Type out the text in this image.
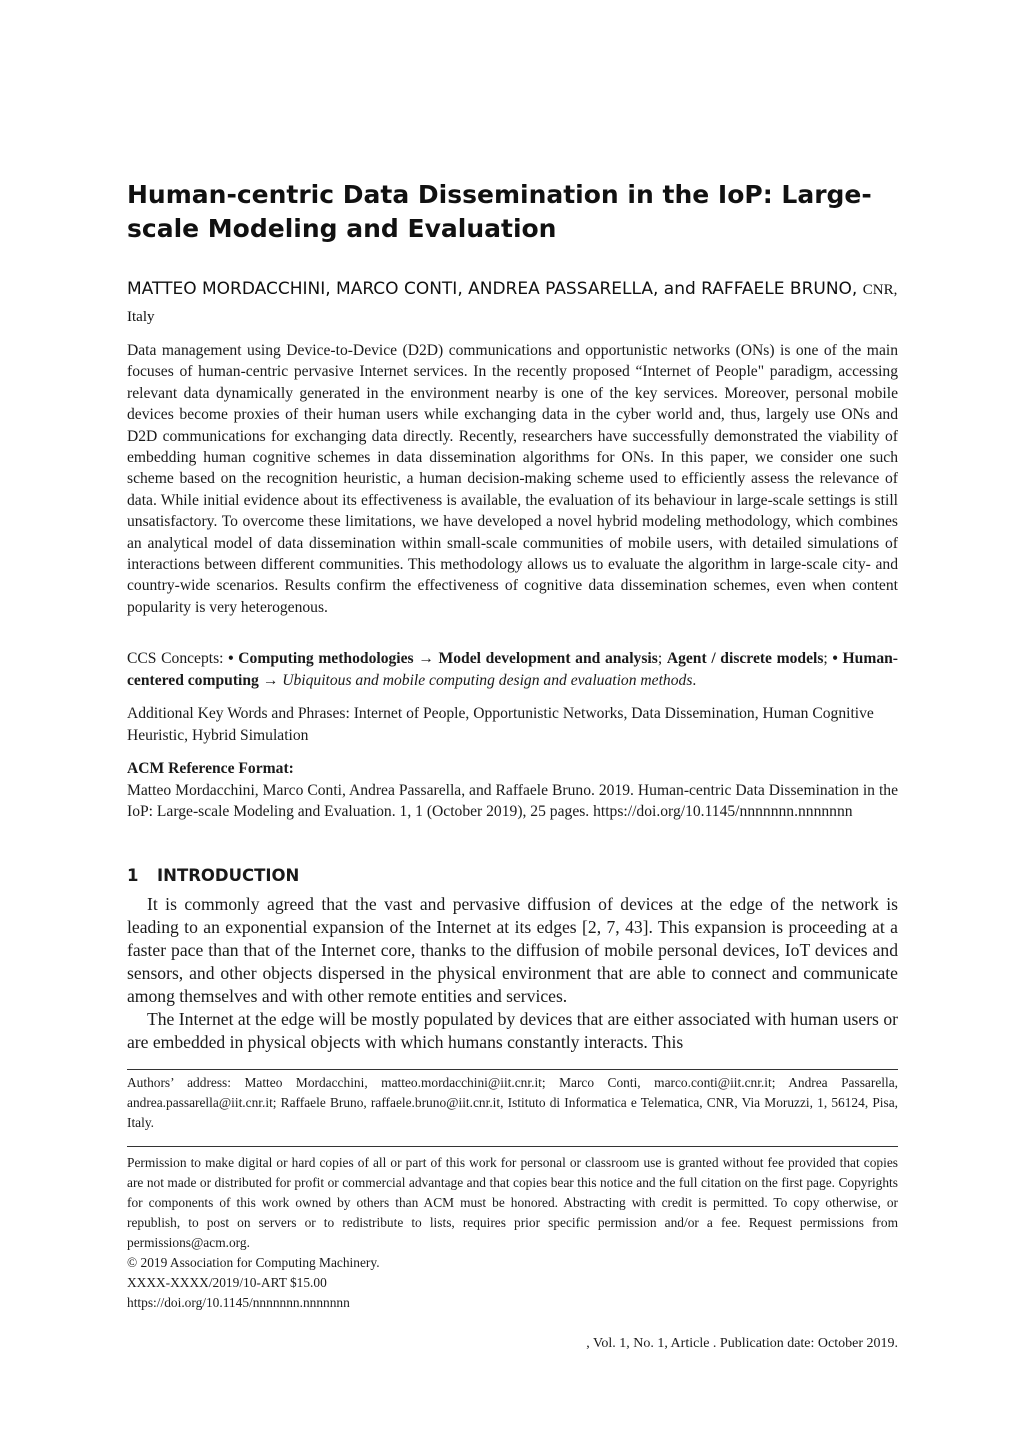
Human-centric Data Dissemination in the IoP: Large-scale Modeling and Evaluation

MATTEO MORDACCHINI, MARCO CONTI, ANDREA PASSARELLA, and RAFFAELE BRUNO, CNR, Italy

Data management using Device-to-Device (D2D) communications and opportunistic networks (ONs) is one of the main focuses of human-centric pervasive Internet services. In the recently proposed “Internet of People" paradigm, accessing relevant data dynamically generated in the environment nearby is one of the key services. Moreover, personal mobile devices become proxies of their human users while exchanging data in the cyber world and, thus, largely use ONs and D2D communications for exchanging data directly. Recently, researchers have successfully demonstrated the viability of embedding human cognitive schemes in data dissemination algorithms for ONs. In this paper, we consider one such scheme based on the recognition heuristic, a human decision-making scheme used to efficiently assess the relevance of data. While initial evidence about its effectiveness is available, the evaluation of its behaviour in large-scale settings is still unsatisfactory. To overcome these limitations, we have developed a novel hybrid modeling methodology, which combines an analytical model of data dissemination within small-scale communities of mobile users, with detailed simulations of interactions between different communities. This methodology allows us to evaluate the algorithm in large-scale city- and country-wide scenarios. Results confirm the effectiveness of cognitive data dissemination schemes, even when content popularity is very heterogenous.

CCS Concepts: • Computing methodologies → Model development and analysis; Agent / discrete models; • Human-centered computing → Ubiquitous and mobile computing design and evaluation methods.

Additional Key Words and Phrases: Internet of People, Opportunistic Networks, Data Dissemination, Human Cognitive Heuristic, Hybrid Simulation

ACM Reference Format:

Matteo Mordacchini, Marco Conti, Andrea Passarella, and Raffaele Bruno. 2019. Human-centric Data Dissemination in the IoP: Large-scale Modeling and Evaluation. 1, 1 (October 2019), 25 pages. https://doi.org/10.1145/nnnnnnn.nnnnnnn

1 INTRODUCTION

It is commonly agreed that the vast and pervasive diffusion of devices at the edge of the network is leading to an exponential expansion of the Internet at its edges [2, 7, 43]. This expansion is proceeding at a faster pace than that of the Internet core, thanks to the diffusion of mobile personal devices, IoT devices and sensors, and other objects dispersed in the physical environment that are able to connect and communicate among themselves and with other remote entities and services.

The Internet at the edge will be mostly populated by devices that are either associated with human users or are embedded in physical objects with which humans constantly interacts. This

Authors’ address: Matteo Mordacchini, matteo.mordacchini@iit.cnr.it; Marco Conti, marco.conti@iit.cnr.it; Andrea Passarella, andrea.passarella@iit.cnr.it; Raffaele Bruno, raffaele.bruno@iit.cnr.it, Istituto di Informatica e Telematica, CNR, Via Moruzzi, 1, 56124, Pisa, Italy.

Permission to make digital or hard copies of all or part of this work for personal or classroom use is granted without fee provided that copies are not made or distributed for profit or commercial advantage and that copies bear this notice and the full citation on the first page. Copyrights for components of this work owned by others than ACM must be honored. Abstracting with credit is permitted. To copy otherwise, or republish, to post on servers or to redistribute to lists, requires prior specific permission and/or a fee. Request permissions from permissions@acm.org.

© 2019 Association for Computing Machinery.
XXXX-XXXX/2019/10-ART $15.00
https://doi.org/10.1145/nnnnnnn.nnnnnnn

, Vol. 1, No. 1, Article . Publication date: October 2019.
